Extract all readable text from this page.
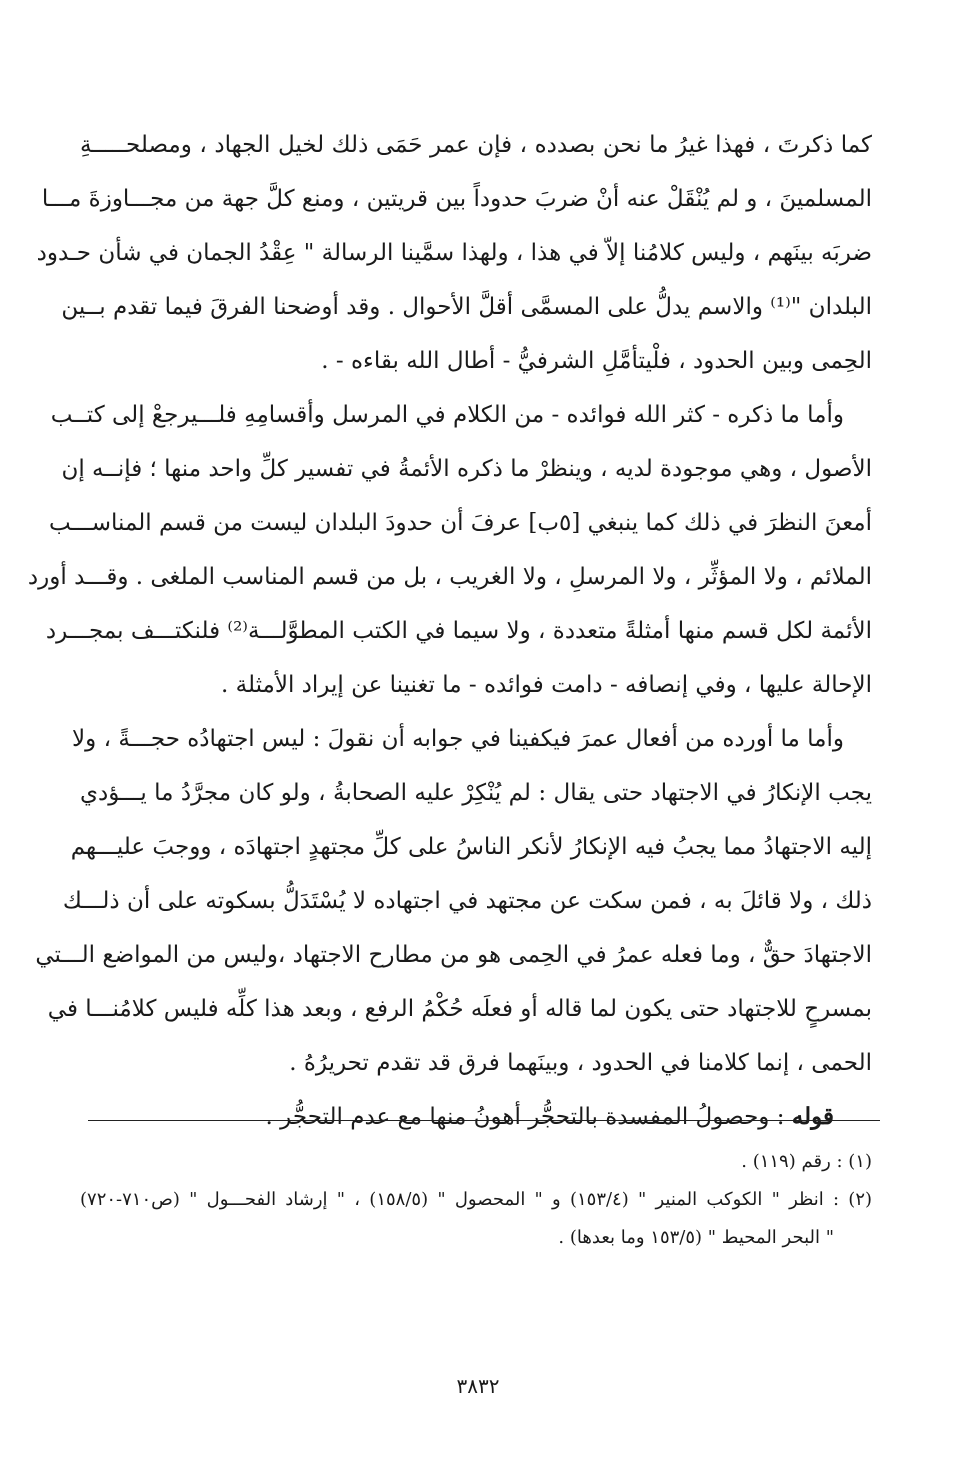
كما ذكرتَ ، فهذا غيرُ ما نحن بصدده ، فإن عمر حَمَى ذلك لخيل الجهاد ، ومصلحـــــةِ
المسلمينَ ، و لم يُنْقَلْ عنه أنْ ضربَ حدوداً بين قريتين ، ومنع كلَّ جهة من مجـــاوزةَ مـــا
ضربَه بينَهم ، وليس كلامُنا إلاّ في هذا ، ولهذا سمَّينا الرسالة " عِقْدُ الجمان في شأن حـدود
البلدان "⁽¹⁾ والاسم يدلُّ على المسمَّى أقلَّ الأحوال . وقد أوضحنا الفرقَ فيما تقدم بــين
الحِمى وبين الحدود ، فلْيتأمَّلِ الشرفيُّ - أطال الله بقاءه - .
وأما ما ذكره - كثر الله فوائده - من الكلام في المرسل وأقسامِهِ فلـــيرجعْ إلى كتــب
الأصول ، وهي موجودة لديه ، وينظرْ ما ذكره الأئمةُ في تفسير كلِّ واحد منها ؛ فإنــه إن
أمعنَ النظرَ في ذلك كما ينبغي [٥ب] عرفَ أن حدودَ البلدان ليست من قسم المناســـب
الملائم ، ولا المؤثِّر ، ولا المرسلِ ، ولا الغريب ، بل من قسم المناسب الملغى . وقـــد أورد
الأئمة لكل قسم منها أمثلةً متعددة ، ولا سيما في الكتب المطوَّلـــة⁽²⁾ فلنكتـــف بمجـــرد
الإحالة عليها ، وفي إنصافه - دامت فوائده - ما تغنينا عن إيراد الأمثلة .
وأما ما أورده من أفعال عمرَ فيكفينا في جوابه أن نقولَ : ليس اجتهادُه حجـــةً ، ولا
يجب الإنكارُ في الاجتهاد حتى يقال : لم يُنْكِرْ عليه الصحابةُ ، ولو كان مجرَّدُ ما يـــؤدي
إليه الاجتهادُ مما يجبُ فيه الإنكارُ لأنكر الناسُ على كلِّ مجتهدٍ اجتهادَه ، ووجبَ عليـــهم
ذلك ، ولا قائلَ به ، فمن سكت عن مجتهد في اجتهاده لا يُسْتَدَلُّ بسكوته على أن ذلـــك
الاجتهادَ حقٌّ ، وما فعله عمرُ في الحِمى هو من مطارح الاجتهاد ،وليس من المواضع الـــتي
بمسرحٍ للاجتهاد حتى يكون لما قاله أو فعلَه حُكْمُ الرفع ، وبعد هذا كلِّه فليس كلامُنـــا في
الحمى ، إنما كلامنا في الحدود ، وبينَهما فرق قد تقدم تحريرُهُ .
قوله : وحصولُ المفسدة بالتحجُّر أهونُ منها مع عدم التحجُّر .
(١) : رقم (١١٩) .
(٢) : انظر " الكوكب المنير " (١٥٣/٤) و " المحصول " (١٥٨/٥) ، " إرشاد الفحـــول " (ص٧١٠-٧٢٠)
" البحر المحيط " (١٥٣/٥ وما بعدها) .
٣٨٣٢
